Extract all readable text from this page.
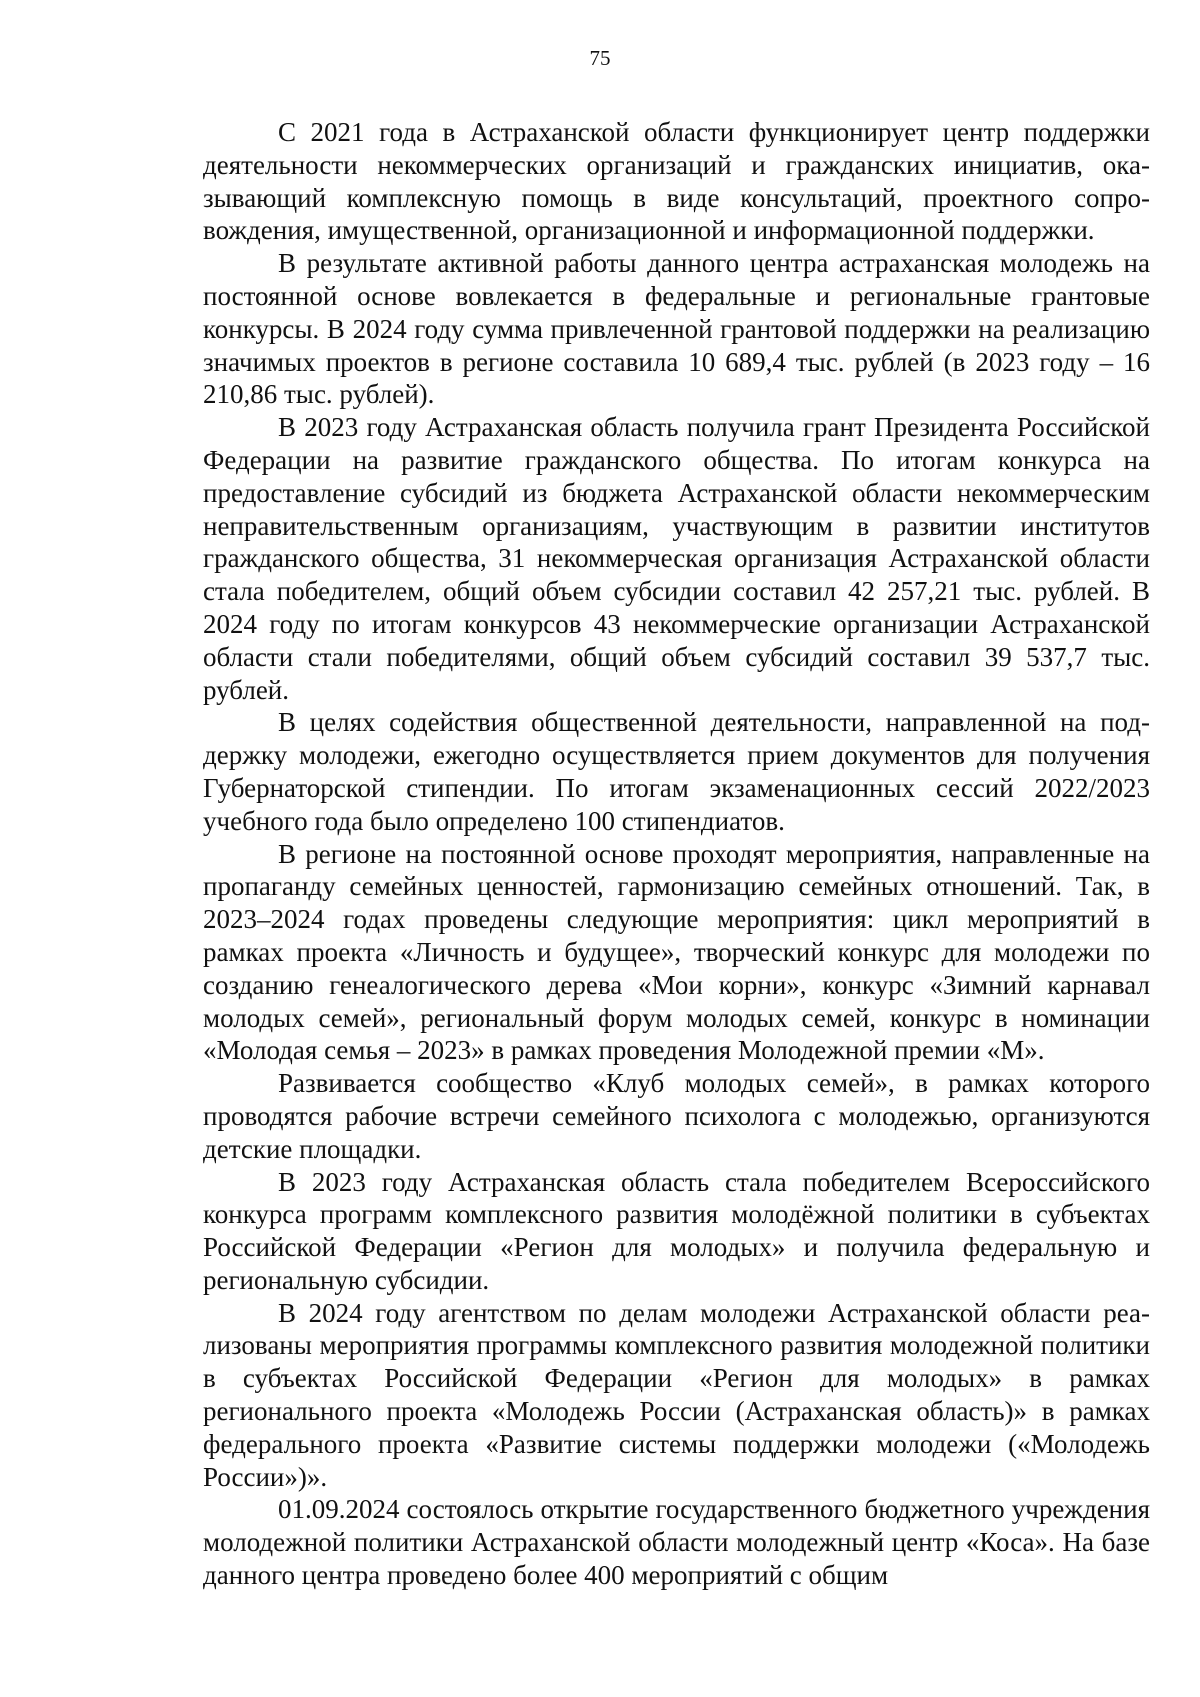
75

С 2021 года в Астраханской области функционирует центр поддержки деятельности некоммерческих организаций и гражданских инициатив, оказывающий комплексную помощь в виде консультаций, проектного сопровождения, имущественной, организационной и информационной поддержки.

В результате активной работы данного центра астраханская молодежь на постоянной основе вовлекается в федеральные и региональные грантовые конкурсы. В 2024 году сумма привлеченной грантовой поддержки на реализацию значимых проектов в регионе составила 10 689,4 тыс. рублей (в 2023 году – 16 210,86 тыс. рублей).

В 2023 году Астраханская область получила грант Президента Российской Федерации на развитие гражданского общества. По итогам конкурса на предоставление субсидий из бюджета Астраханской области некоммерческим неправительственным организациям, участвующим в развитии институтов гражданского общества, 31 некоммерческая организация Астраханской области стала победителем, общий объем субсидии составил 42 257,21 тыс. рублей. В 2024 году по итогам конкурсов 43 некоммерческие организации Астраханской области стали победителями, общий объем субсидий составил 39 537,7 тыс. рублей.

В целях содействия общественной деятельности, направленной на поддержку молодежи, ежегодно осуществляется прием документов для получения Губернаторской стипендии. По итогам экзаменационных сессий 2022/2023 учебного года было определено 100 стипендиатов.

В регионе на постоянной основе проходят мероприятия, направленные на пропаганду семейных ценностей, гармонизацию семейных отношений. Так, в 2023–2024 годах проведены следующие мероприятия: цикл мероприятий в рамках проекта «Личность и будущее», творческий конкурс для молодежи по созданию генеалогического дерева «Мои корни», конкурс «Зимний карнавал молодых семей», региональный форум молодых семей, конкурс в номинации «Молодая семья – 2023» в рамках проведения Молодежной премии «М».

Развивается сообщество «Клуб молодых семей», в рамках которого проводятся рабочие встречи семейного психолога с молодежью, организуются детские площадки.

В 2023 году Астраханская область стала победителем Всероссийского конкурса программ комплексного развития молодёжной политики в субъектах Российской Федерации «Регион для молодых» и получила федеральную и региональную субсидии.

В 2024 году агентством по делам молодежи Астраханской области реализованы мероприятия программы комплексного развития молодежной политики в субъектах Российской Федерации «Регион для молодых» в рамках регионального проекта «Молодежь России (Астраханская область)» в рамках федерального проекта «Развитие системы поддержки молодежи («Молодежь России»)».

01.09.2024 состоялось открытие государственного бюджетного учреждения молодежной политики Астраханской области молодежный центр «Коса». На базе данного центра проведено более 400 мероприятий с общим
